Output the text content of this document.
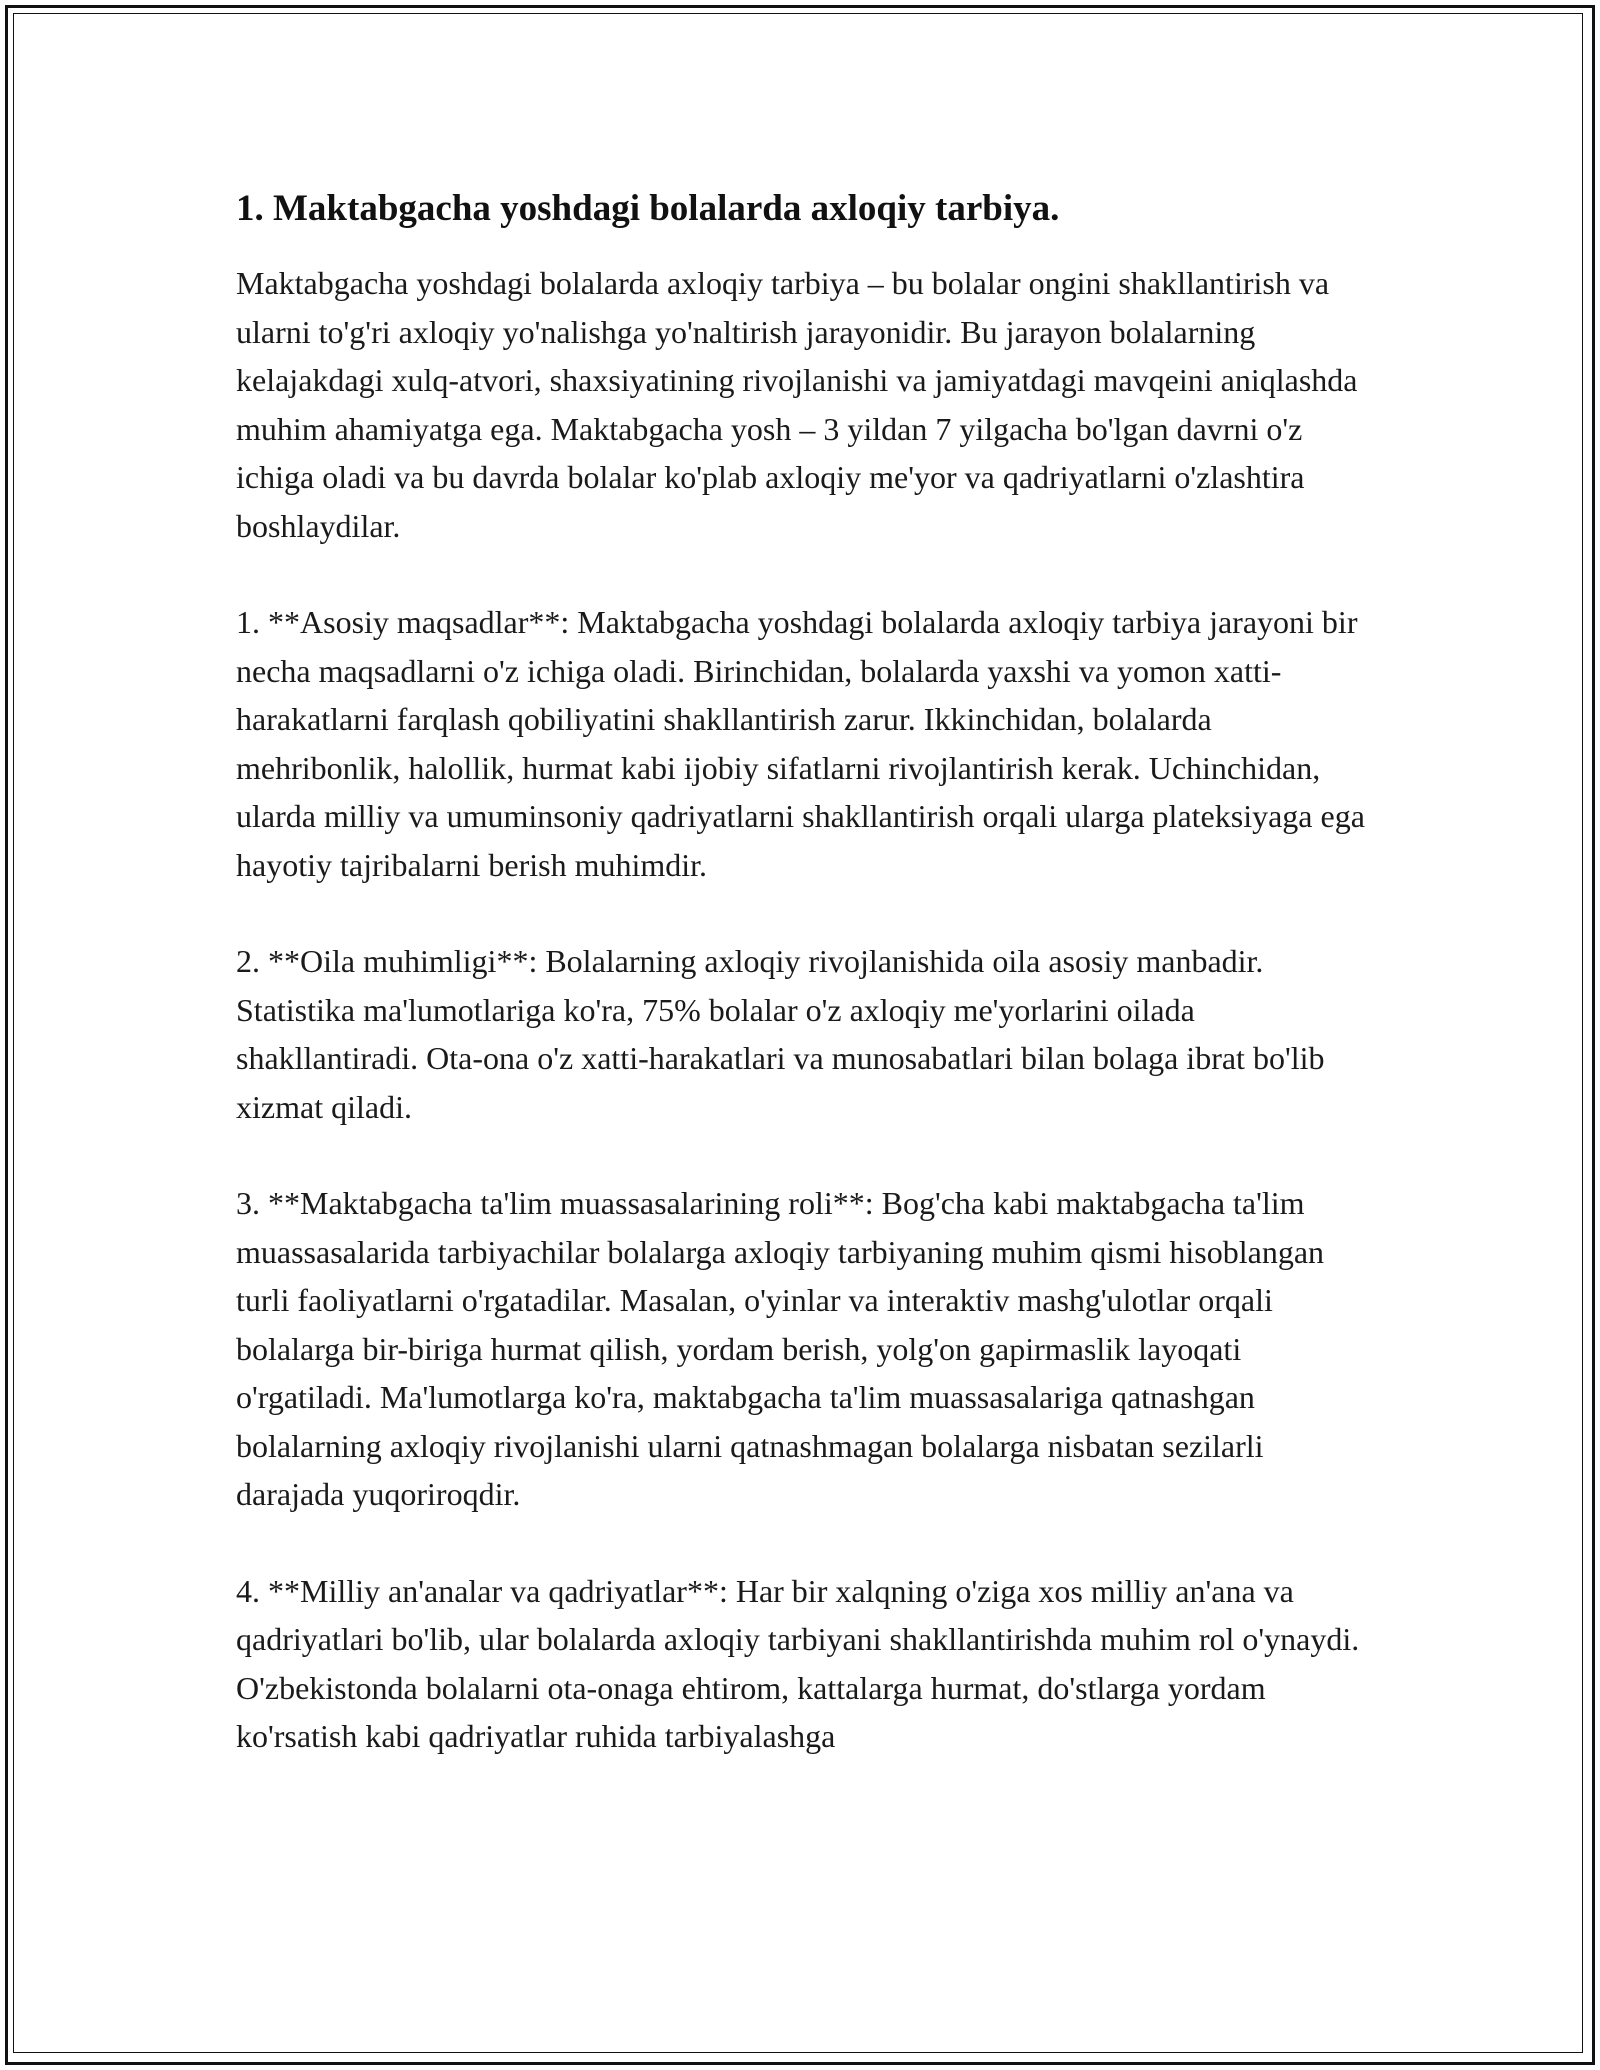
1. Maktabgacha yoshdagi bolalarda axloqiy tarbiya.

Maktabgacha yoshdagi bolalarda axloqiy tarbiya – bu bolalar ongini shakllantirish va ularni to'g'ri axloqiy yo'nalishga yo'naltirish jarayonidir. Bu jarayon bolalarning kelajakdagi xulq-atvori, shaxsiyatining rivojlanishi va jamiyatdagi mavqeini aniqlashda muhim ahamiyatga ega. Maktabgacha yosh – 3 yildan 7 yilgacha bo'lgan davrni o'z ichiga oladi va bu davrda bolalar ko'plab axloqiy me'yor va qadriyatlarni o'zlashtira boshlaydilar.

1. **Asosiy maqsadlar**: Maktabgacha yoshdagi bolalarda axloqiy tarbiya jarayoni bir necha maqsadlarni o'z ichiga oladi. Birinchidan, bolalarda yaxshi va yomon xatti-harakatlarni farqlash qobiliyatini shakllantirish zarur. Ikkinchidan, bolalarda mehribonlik, halollik, hurmat kabi ijobiy sifatlarni rivojlantirish kerak. Uchinchidan, ularda milliy va umuminsoniy qadriyatlarni shakllantirish orqali ularga plateksiyaga ega hayotiy tajribalarni berish muhimdir.

2. **Oila muhimligi**: Bolalarning axloqiy rivojlanishida oila asosiy manbadir. Statistika ma'lumotlariga ko'ra, 75% bolalar o'z axloqiy me'yorlarini oilada shakllantiradi. Ota-ona o'z xatti-harakatlari va munosabatlari bilan bolaga ibrat bo'lib xizmat qiladi.

3. **Maktabgacha ta'lim muassasalarining roli**: Bog'cha kabi maktabgacha ta'lim muassasalarida tarbiyachilar bolalarga axloqiy tarbiyaning muhim qismi hisoblangan turli faoliyatlarni o'rgatadilar. Masalan, o'yinlar va interaktiv mashg'ulotlar orqali bolalarga bir-biriga hurmat qilish, yordam berish, yolg'on gapirmaslik layoqati o'rgatiladi. Ma'lumotlarga ko'ra, maktabgacha ta'lim muassasalariga qatnashgan bolalarning axloqiy rivojlanishi ularni qatnashmagan bolalarga nisbatan sezilarli darajada yuqoriroqdir.

4. **Milliy an'analar va qadriyatlar**: Har bir xalqning o'ziga xos milliy an'ana va qadriyatlari bo'lib, ular bolalarda axloqiy tarbiyani shakllantirishda muhim rol o'ynaydi. O'zbekistonda bolalarni ota-onaga ehtirom, kattalarga hurmat, do'stlarga yordam ko'rsatish kabi qadriyatlar ruhida tarbiyalashga
